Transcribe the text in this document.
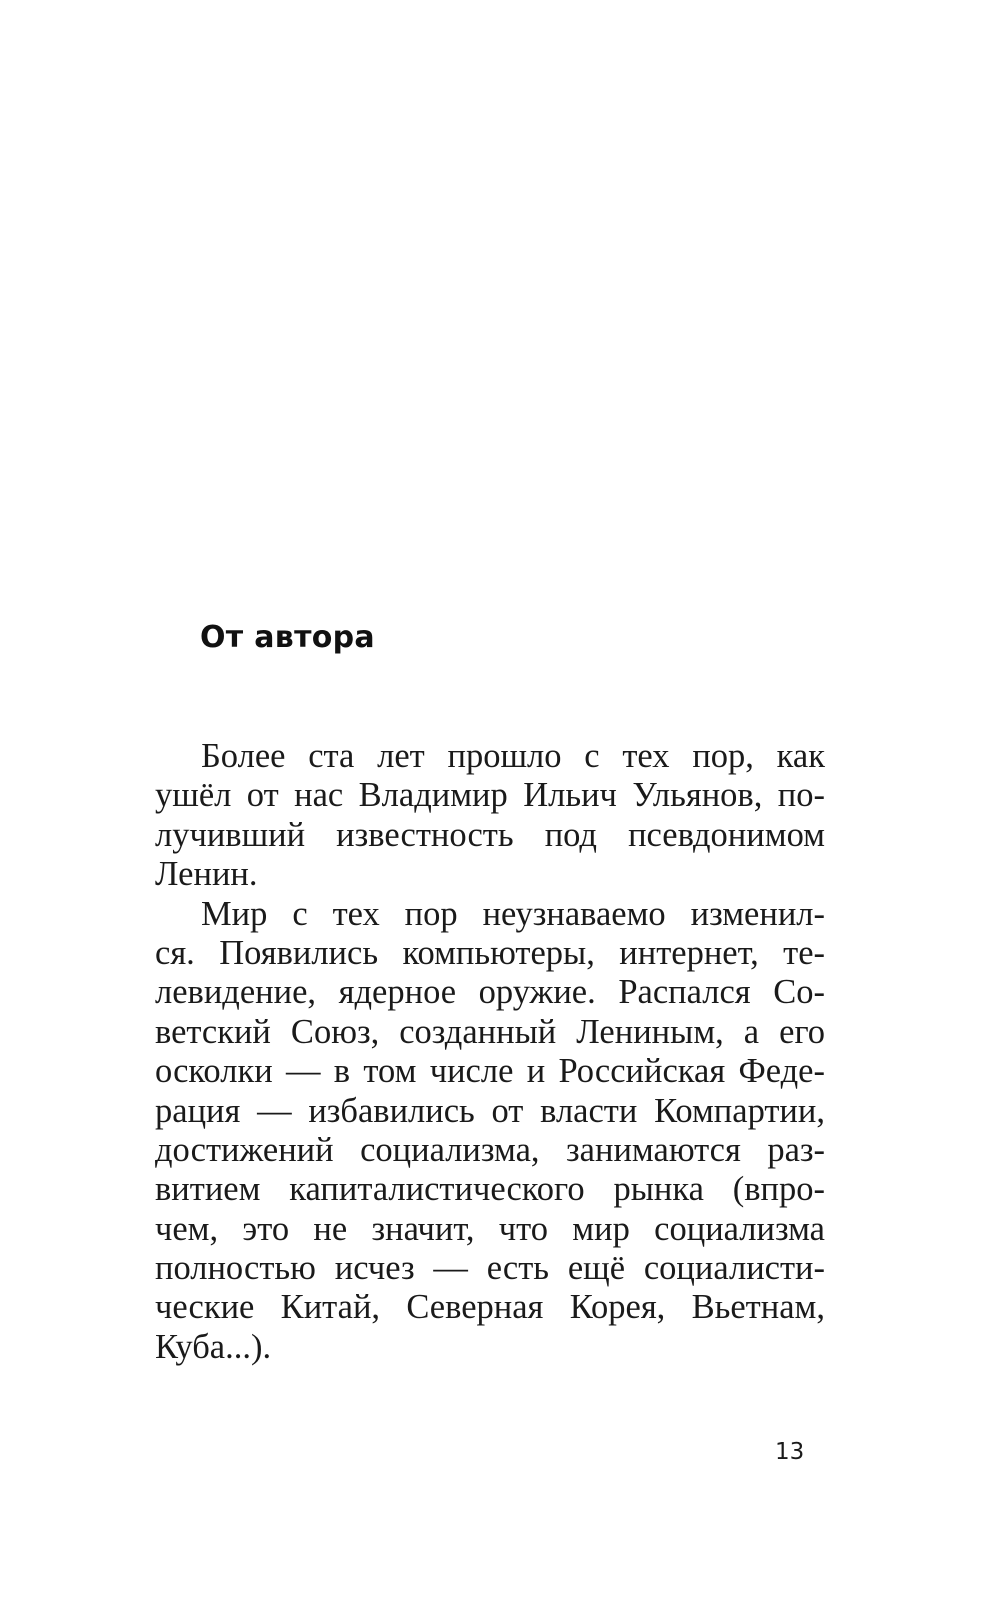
От автора
Более ста лет прошло с тех пор, как
ушёл от нас Владимир Ильич Ульянов, по-
лучивший известность под псевдонимом
Ленин.
Мир с тех пор неузнаваемо изменил-
ся. Появились компьютеры, интернет, те-
левидение, ядерное оружие. Распался Со-
ветский Союз, созданный Лениным, а его
осколки — в том числе и Российская Феде-
рация — избавились от власти Компартии,
достижений социализма, занимаются раз-
витием капиталистического рынка (впро-
чем, это не значит, что мир социализма
полностью исчез — есть ещё социалисти-
ческие Китай, Северная Корея, Вьетнам,
Куба...).
13
